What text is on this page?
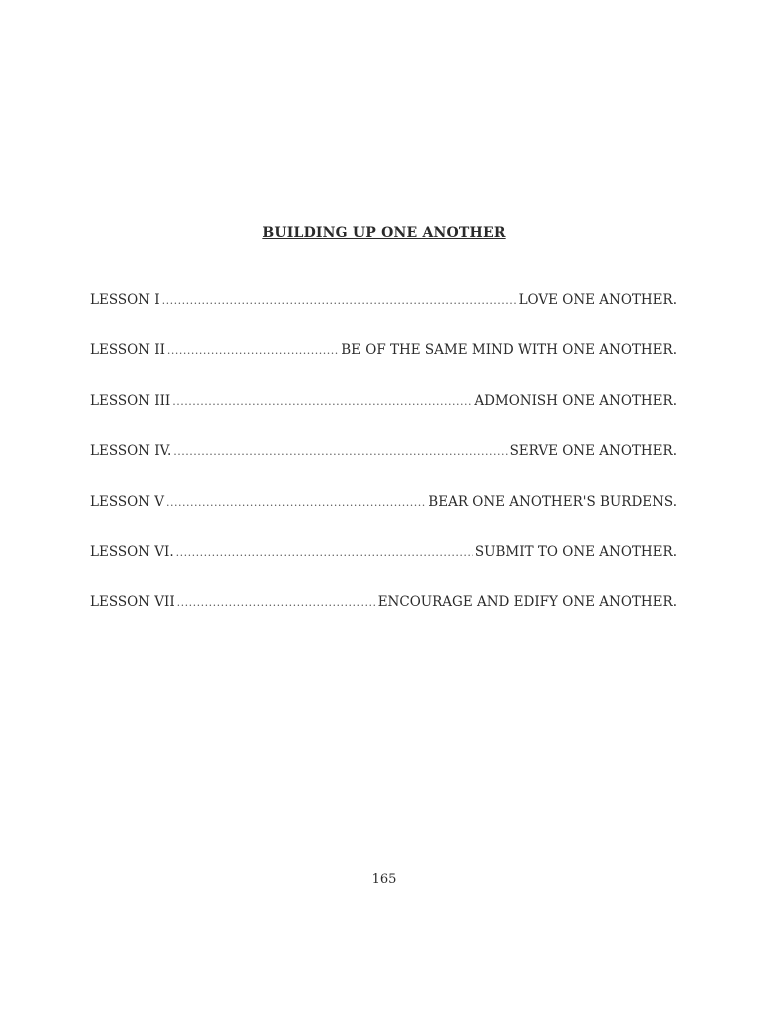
BUILDING UP ONE ANOTHER
LESSON I .....	LOVE ONE ANOTHER.
LESSON II .....	BE OF THE SAME MIND WITH ONE ANOTHER.
LESSON III .....	ADMONISH ONE ANOTHER.
LESSON IV. .....	SERVE ONE ANOTHER.
LESSON V .....	BEAR ONE ANOTHER'S BURDENS.
LESSON VI. .....	SUBMIT TO ONE ANOTHER.
LESSON VII .....	ENCOURAGE AND EDIFY ONE ANOTHER.
165
